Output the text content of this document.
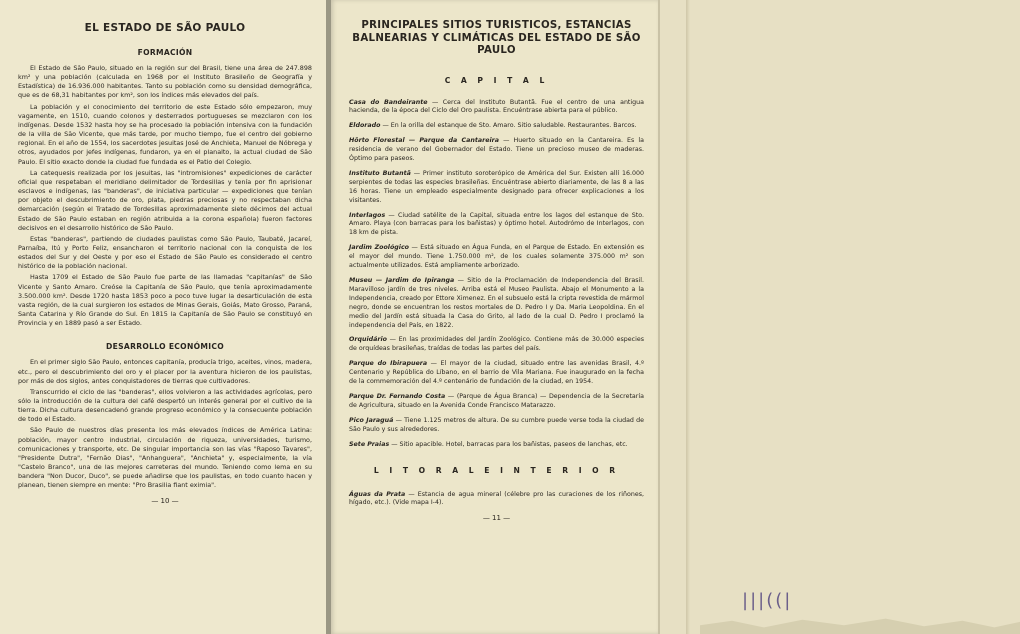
EL ESTADO DE SÃO PAULO
FORMACIÓN

El Estado de São Paulo, situado en la región sur del Brasil, tiene una área de 247.898 km² y una población (calculada en 1968 por el Instituto Brasileño de Geografía y Estadística) de 16.936.000 habitantes. Tanto su población como su densidad demográfica, que es de 68,31 habitantes por km², son los índices más elevados del país.

La población y el conocimiento del territorio de este Estado sólo empezaron, muy vagamente, en 1510, cuando colonos y desterrados portugueses se mezclaron con los indígenas. Desde 1532 hasta hoy se ha procesado la población intensiva con la fundación de la villa de São Vicente, que más tarde, por mucho tiempo, fue el centro del gobierno regional. En el año de 1554, los sacerdotes jesuitas José de Anchieta, Manuel de Nóbrega y otros, ayudados por jefes indígenas, fundaron, ya en el planalto, la actual ciudad de São Paulo. El sitio exacto donde la ciudad fue fundada es el Patio del Colegio.

La catequesis realizada por los jesuitas, las "intromisiones" expediciones de carácter oficial que respetaban el meridiano delimitador de Tordesillas y tenía por fin aprisionar esclavos e indígenas, las "banderas", de iniciativa particular — expediciones que tenían por objeto el descubrimiento de oro, plata, piedras preciosas y no respectaban dicha demarcación (según el Tratado de Tordesillas aproximadamente siete décimos del actual Estado de São Paulo estaban en región atribuida a la corona española) fueron factores decisivos en el desarrollo histórico de São Paulo.

Estas "banderas", partiendo de ciudades paulistas como São Paulo, Taubaté, Jacareí, Parnaíba, Itú y Porto Feliz, ensancharon el territorio nacional con la conquista de los estados del Sur y del Oeste y por eso el Estado de São Paulo es considerado el centro histórico de la población nacional.

Hasta 1709 el Estado de São Paulo fue parte de las llamadas "capitanías" de São Vicente y Santo Amaro. Creóse la Capitanía de São Paulo, que tenía aproximadamente 3.500.000 km². Desde 1720 hasta 1853 poco a poco tuve lugar la desarticulación de esta vasta región, de la cual surgieron los estados de Minas Gerais, Goiás, Mato Grosso, Paraná, Santa Catarina y Río Grande do Sul. En 1815 la Capitanía de São Paulo se constituyó en Provincia y en 1889 pasó a ser Estado.

DESARROLLO ECONÓMICO

En el primer siglo São Paulo, entonces capitanía, producía trigo, aceites, vinos, madera, etc., pero el descubrimiento del oro y el placer por la aventura hicieron de los paulistas, por más de dos siglos, antes conquistadores de tierras que cultivadores.

Transcurrido el ciclo de las "banderas", ellos volvieron a las actividades agrícolas, pero sólo la introducción de la cultura del café despertó un interés general por el cultivo de la tierra. Dicha cultura desencadenó grande progreso económico y la consecuente población de todo el Estado.

São Paulo de nuestros días presenta los más elevados índices de América Latina: población, mayor centro industrial, circulación de riqueza, universidades, turismo, comunicaciones y transporte, etc. De singular importancia son las vías "Raposo Tavares", "Presidente Dutra", "Fernão Dias", "Anhanguera", "Anchieta" y, especialmente, la vía "Castelo Branco", una de las mejores carreteras del mundo. Teniendo como lema en su bandera "Non Ducor, Duco", se puede añadirse que los paulistas, en todo cuanto hacen y planean, tienen siempre en mente: "Pro Brasilia fiant eximia".

— 10 —
PRINCIPALES SITIOS TURISTICOS, ESTANCIAS BALNEARIAS Y CLIMÁTICAS DEL ESTADO DE SÃO PAULO
C A P I T A L

Casa do Bandeirante — Cerca del Instituto Butantã. Fue el centro de una antigua hacienda, de la época del Ciclo del Oro paulista. Encuéntrase abierta para el público.

Eldorado — En la orilla del estanque de Sto. Amaro. Sitio saludable. Restaurantes. Barcos.

Hôrto Florestal — Parque da Cantareira — Huerto situado en la Cantareira. Es la residencia de verano del Gobernador del Estado. Tiene un precioso museo de maderas. Óptimo para paseos.

Instituto Butantã — Primer instituto soroterópico de América del Sur. Existen allí 16.000 serpientes de todas las especies brasileñas. Encuéntrase abierto diariamente, de las 8 a las 16 horas. Tiene un empleado especialmente designado para ofrecer explicaciones a los visitantes.

Interlagos — Ciudad satélite de la Capital, situada entre los lagos del estanque de Sto. Amaro. Playa (con barracas para los bañistas) y óptimo hotel. Autodrómo de Interlagos, con 18 km de pista.

Jardim Zoológico — Está situado en Água Funda, en el Parque de Estado. En extensión es el mayor del mundo. Tiene 1.750.000 m², de los cuales solamente 375.000 m² son actualmente utilizados. Está ampliamente arborizado.

Museu — Jardim do Ipiranga — Sitio de la Proclamación de Independencia del Brasil. Maravilloso jardín de tres niveles. Arriba está el Museo Paulista. Abajo el Monumento a la Independencia, creado por Ettore Ximenez. En el subsuelo está la cripta revestida de mármol negro, donde se encuentran los restos mortales de D. Pedro I y Da. Maria Leopoldina. En el medio del Jardín está situada la Casa do Grito, al lado de la cual D. Pedro I proclamó la independencia del País, en 1822.

Orquidário — En las proximidades del Jardín Zoológico. Contiene más de 30.000 especies de orquídeas brasileñas, traídas de todas las partes del país.

Parque do Ibirapuera — El mayor de la ciudad, situado entre las avenidas Brasil, 4.º Centenario y República do Líbano, en el barrio de Vila Mariana. Fue inaugurado en la fecha de la commemoración del 4.º centenário de fundación de la ciudad, en 1954.

Parque Dr. Fernando Costa — (Parque de Água Branca) — Dependencia de la Secretaría de Agricultura, situado en la Avenida Conde Francisco Matarazzo.

Pico Jaraguá — Tiene 1.125 metros de altura. De su cumbre puede verse toda la ciudad de São Paulo y sus alrededores.

Sete Praias — Sitio apacible. Hotel, barracas para los bañistas, paseos de lanchas, etc.

L I T O R A L E I N T E R I O R

Águas da Prata — Estancia de agua mineral (célebre pro las curaciones de los riñones, hígado, etc.). (Vide mapa I-4).

— 11 —
|||((|
